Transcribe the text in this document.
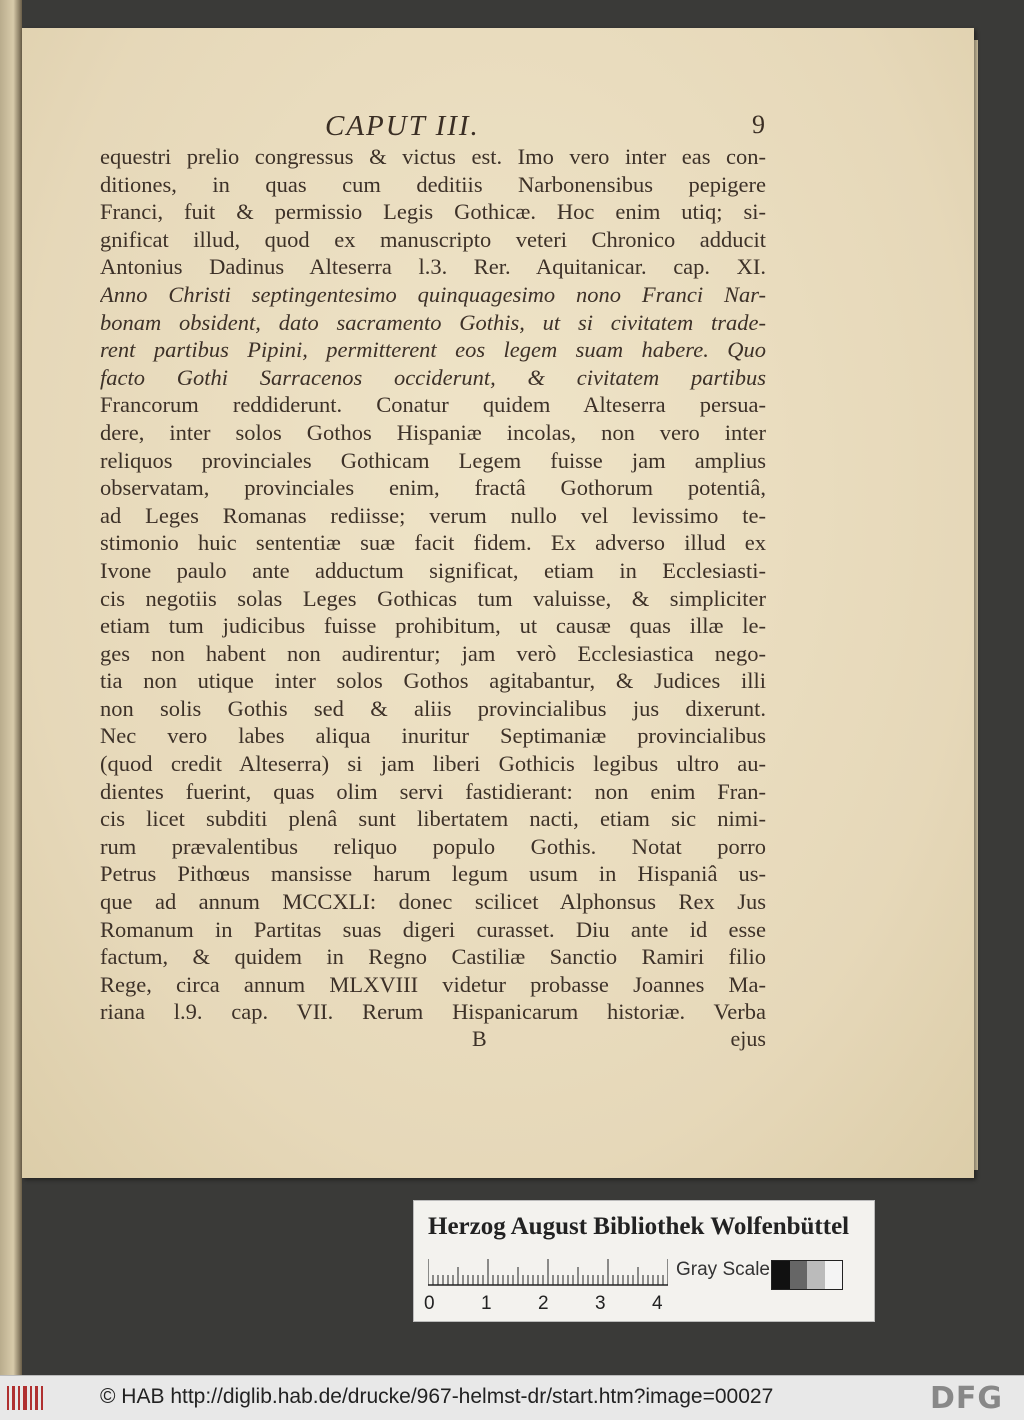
CAPUT III.	9
equestri prelio congressus & victus est. Imo vero inter eas con-
ditiones, in quas cum deditiis Narbonensibus pepigere
Franci, fuit & permissio Legis Gothicæ. Hoc enim utiq; si-
gnificat illud, quod ex manuscripto veteri Chronico adducit
Antonius Dadinus Alteserra l.3. Rer. Aquitanicar. cap. XI.
Anno Christi septingentesimo quinquagesimo nono Franci Nar-
bonam obsident, dato sacramento Gothis, ut si civitatem trade-
rent partibus Pipini, permitterent eos legem suam habere. Quo
facto Gothi Sarracenos occiderunt, & civitatem partibus
Francorum reddiderunt. Conatur quidem Alteserra persua-
dere, inter solos Gothos Hispaniæ incolas, non vero inter
reliquos provinciales Gothicam Legem fuisse jam amplius
observatam, provinciales enim, fractâ Gothorum potentiâ,
ad Leges Romanas rediisse; verum nullo vel levissimo te-
stimonio huic sententiæ suæ facit fidem. Ex adverso illud ex
Ivone paulo ante adductum significat, etiam in Ecclesiasti-
cis negotiis solas Leges Gothicas tum valuisse, & simpliciter
etiam tum judicibus fuisse prohibitum, ut causæ quas illæ le-
ges non habent non audirentur; jam verò Ecclesiastica nego-
tia non utique inter solos Gothos agitabantur, & Judices illi
non solis Gothis sed & aliis provincialibus jus dixerunt.
Nec vero labes aliqua inuritur Septimaniæ provincialibus
(quod credit Alteserra) si jam liberi Gothicis legibus ultro au-
dientes fuerint, quas olim servi fastidierant: non enim Fran-
cis licet subditi plenâ sunt libertatem nacti, etiam sic nimi-
rum prævalentibus reliquo populo Gothis. Notat porro
Petrus Pithœus mansisse harum legum usum in Hispaniâ us-
que ad annum MCCXLI: donec scilicet Alphonsus Rex Jus
Romanum in Partitas suas digeri curasset. Diu ante id esse
factum, & quidem in Regno Castiliæ Sanctio Ramiri filio
Rege, circa annum MLXVIII videtur probasse Joannes Ma-
riana l.9. cap. VII. Rerum Hispanicarum historiæ. Verba
B	ejus
Herzog August Bibliothek Wolfenbüttel
Gray Scale
0 1 2 3 4
© HAB http://diglib.hab.de/drucke/967-helmst-dr/start.htm?image=00027	DFG
